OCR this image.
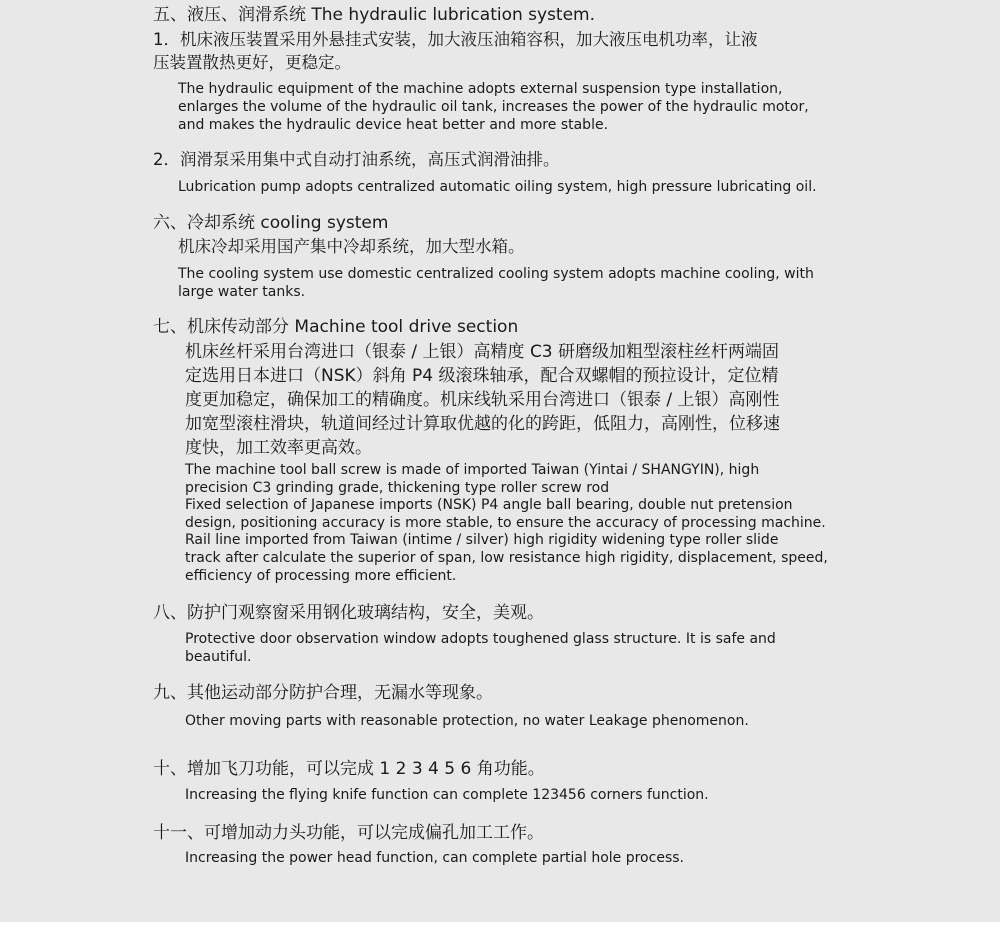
五、液压、润滑系统 The hydraulic lubrication system.
1．机床液压装置采用外悬挂式安装，加大液压油箱容积，加大液压电机功率，让液
压装置散热更好，更稳定。
The hydraulic equipment of the machine adopts external suspension type installation,
enlarges the volume of the hydraulic oil tank, increases the power of the hydraulic motor,
and makes the hydraulic device heat better and more stable.
2．润滑泵采用集中式自动打油系统，高压式润滑油排。
Lubrication pump adopts centralized automatic oiling system, high pressure lubricating oil.
六、冷却系统 cooling system
机床冷却采用国产集中冷却系统，加大型水箱。
The cooling system use domestic centralized cooling system adopts machine cooling, with
large water tanks.
七、机床传动部分 Machine tool drive section
机床丝杆采用台湾进口（银泰 / 上银）高精度 C3 研磨级加粗型滚柱丝杆两端固
定选用日本进口（NSK）斜角 P4 级滚珠轴承，配合双螺帽的预拉设计，定位精
度更加稳定，确保加工的精确度。机床线轨采用台湾进口（银泰 / 上银）高刚性
加宽型滚柱滑块，轨道间经过计算取优越的化的跨距，低阻力，高刚性，位移速
度快，加工效率更高效。
The machine tool ball screw is made of imported Taiwan (Yintai / SHANGYIN), high
precision C3 grinding grade, thickening type roller screw rod
Fixed selection of Japanese imports (NSK) P4 angle ball bearing, double nut pretension
design, positioning accuracy is more stable, to ensure the accuracy of processing machine.
Rail line imported from Taiwan (intime / silver) high rigidity widening type roller slide
track after calculate the superior of span, low resistance high rigidity, displacement, speed,
efficiency of processing more efficient.
八、防护门观察窗采用钢化玻璃结构，安全，美观。
Protective door observation window adopts toughened glass structure. It is safe and
beautiful.
九、其他运动部分防护合理，无漏水等现象。
Other moving parts with reasonable protection, no water Leakage phenomenon.
十、增加飞刀功能，可以完成 1 2 3 4 5 6 角功能。
Increasing the flying knife function can complete 123456 corners function.
十一、可增加动力头功能，可以完成偏孔加工工作。
Increasing the power head function, can complete partial hole process.
